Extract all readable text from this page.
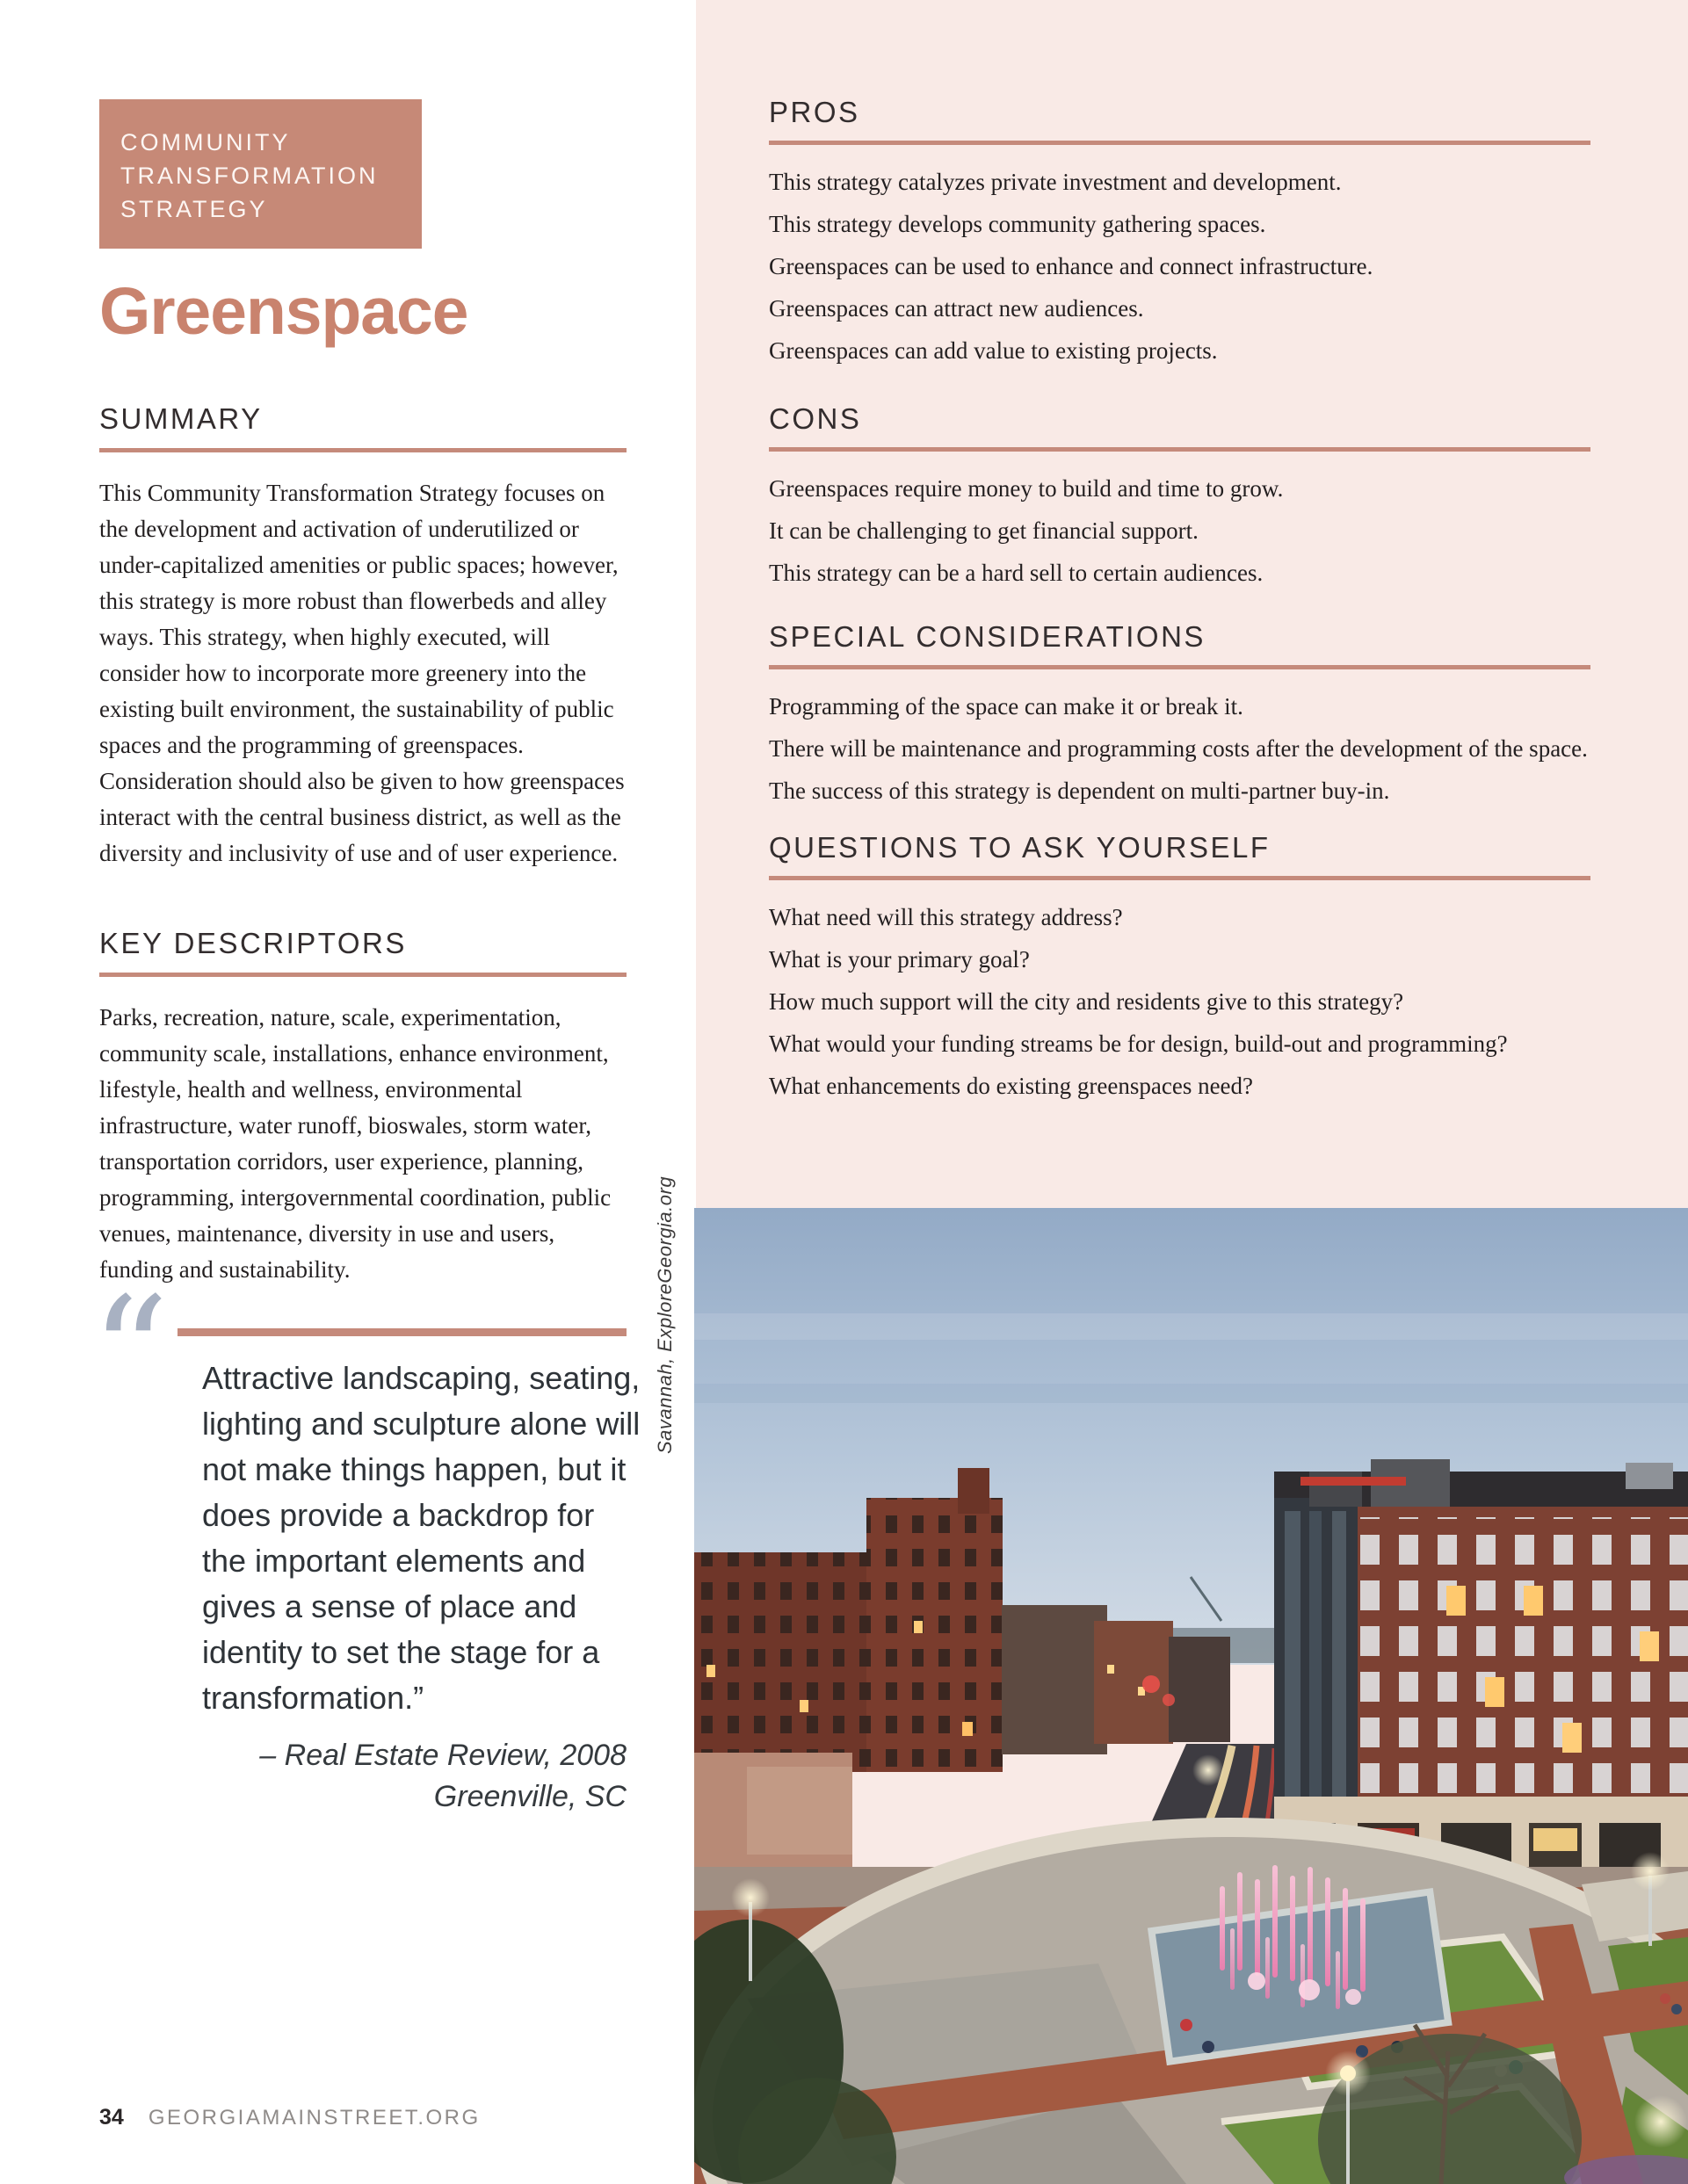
COMMUNITY TRANSFORMATION STRATEGY
Greenspace
SUMMARY

This Community Transformation Strategy focuses on the development and activation of underutilized or under-capitalized amenities or public spaces; however, this strategy is more robust than flowerbeds and alley ways. This strategy, when highly executed, will consider how to incorporate more greenery into the existing built environment, the sustainability of public spaces and the programming of greenspaces. Consideration should also be given to how greenspaces interact with the central business district, as well as the diversity and inclusivity of use and of user experience.

KEY DESCRIPTORS

Parks, recreation, nature, scale, experimentation, community scale, installations, enhance environment, lifestyle, health and wellness, environmental infrastructure, water runoff, bioswales, storm water, transportation corridors, user experience, planning, programming, intergovernmental coordination, public venues, maintenance, diversity in use and users, funding and sustainability.

“ Attractive landscaping, seating, lighting and sculpture alone will not make things happen, but it does provide a backdrop for the important elements and gives a sense of place and identity to set the stage for a transformation.”

– Real Estate Review, 2008
Greenville, SC
PROS
This strategy catalyzes private investment and development.
This strategy develops community gathering spaces.
Greenspaces can be used to enhance and connect infrastructure.
Greenspaces can attract new audiences.
Greenspaces can add value to existing projects.
CONS
Greenspaces require money to build and time to grow.
It can be challenging to get financial support.
This strategy can be a hard sell to certain audiences.
SPECIAL CONSIDERATIONS
Programming of the space can make it or break it.
There will be maintenance and programming costs after the development of the space.
The success of this strategy is dependent on multi-partner buy-in.
QUESTIONS TO ASK YOURSELF
What need will this strategy address?
What is your primary goal?
How much support will the city and residents give to this strategy?
What would your funding streams be for design, build-out and programming?
What enhancements do existing greenspaces need?
Savannah, ExploreGeorgia.org
34 GEORGIAMAINSTREET.ORG
